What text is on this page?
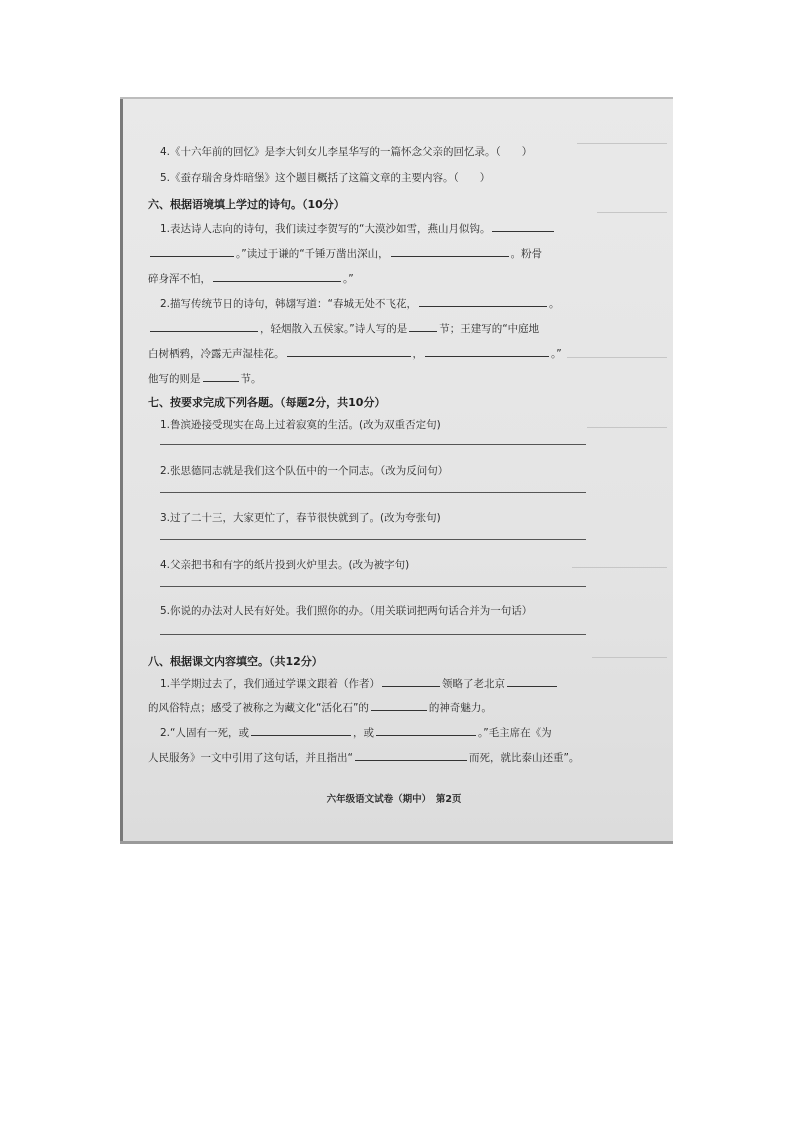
4.《十六年前的回忆》是李大钊女儿李星华写的一篇怀念父亲的回忆录。（　　）
5.《蚕存瑞舍身炸暗堡》这个题目概括了这篇文章的主要内容。（　　）
六、根据语境填上学过的诗句。（10分）
1.表达诗人志向的诗句，我们读过李贺写的“大漠沙如雪，燕山月似钩。
。”读过于谦的“千锤万凿出深山，	。粉骨
碎身浑不怕，	。”
2.描写传统节日的诗句，韩翃写道：“春城无处不飞花，	。
，轻烟散入五侯家。”诗人写的是	节；王建写的“中庭地
白树栖鸦，冷露无声湿桂花。	，	。”
他写的则是	节。
七、按要求完成下列各题。（每题2分，共10分）
1.鲁滨逊接受现实在岛上过着寂寞的生活。(改为双重否定句)
2.张思德同志就是我们这个队伍中的一个同志。（改为反问句）
3.过了二十三，大家更忙了，春节很快就到了。(改为夸张句)
4.父亲把书和有字的纸片投到火炉里去。(改为被字句)
5.你说的办法对人民有好处。我们照你的办。（用关联词把两句话合并为一句话）
八、根据课文内容填空。（共12分）
1.半学期过去了，我们通过学课文跟着（作者）	领略了老北京
的风俗特点；感受了被称之为藏文化“活化石”的	的神奇魅力。
2.“人固有一死，或	，或	。”毛主席在《为
人民服务》一文中引用了这句话，并且指出“	而死，就比泰山还重”。
六年级语文试卷（期中）　第2页
